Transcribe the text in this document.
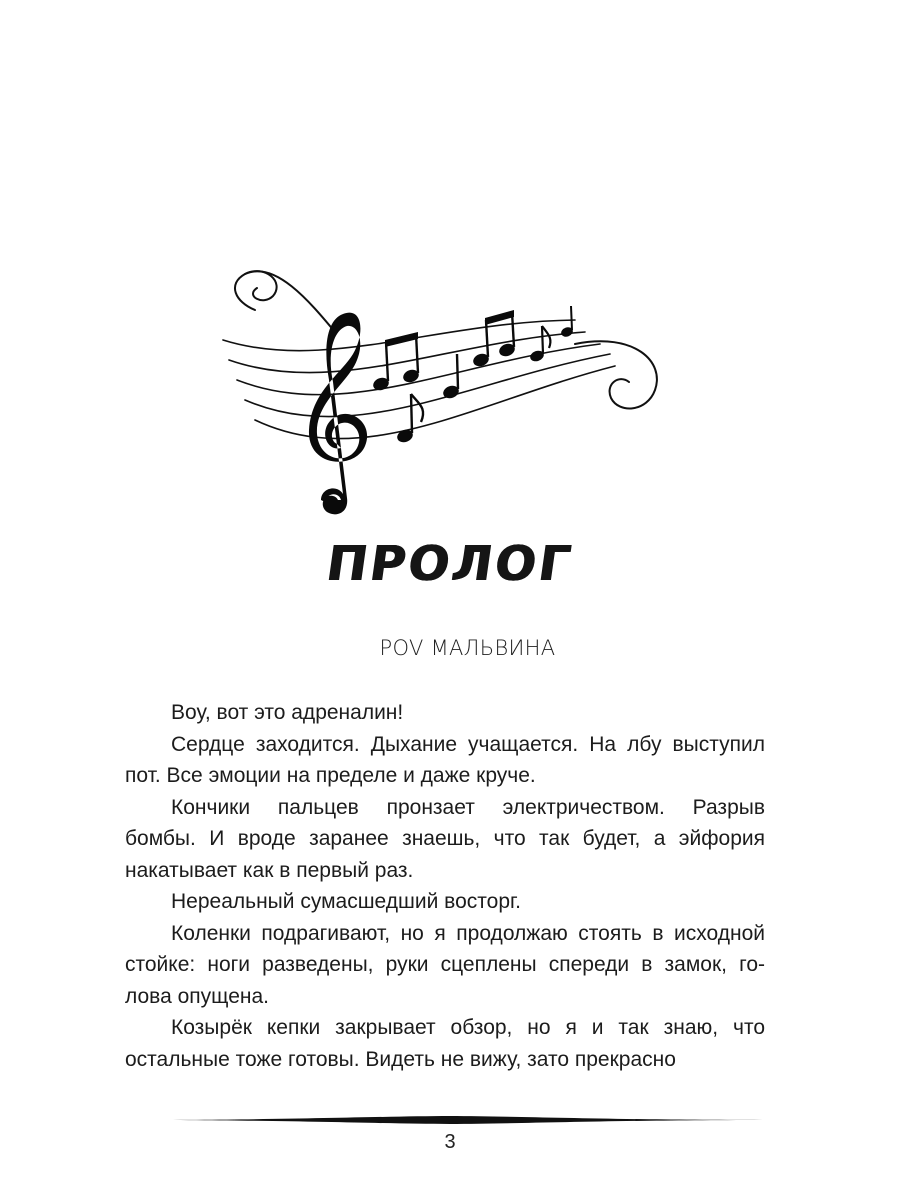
ПРОЛОГ
POV МАЛЬВИНА
Воу, вот это адреналин!
Сердце заходится. Дыхание учащается. На лбу выступил
пот. Все эмоции на пределе и даже круче.
Кончики пальцев пронзает электричеством. Разрыв
бомбы. И вроде заранее знаешь, что так будет, а эйфория
накатывает как в первый раз.
Нереальный сумасшедший восторг.
Коленки подрагивают, но я продолжаю стоять в исходной
стойке: ноги разведены, руки сцеплены спереди в замок, го-
лова опущена.
Козырёк кепки закрывает обзор, но я и так знаю, что
остальные тоже готовы. Видеть не вижу, зато прекрасно
3
